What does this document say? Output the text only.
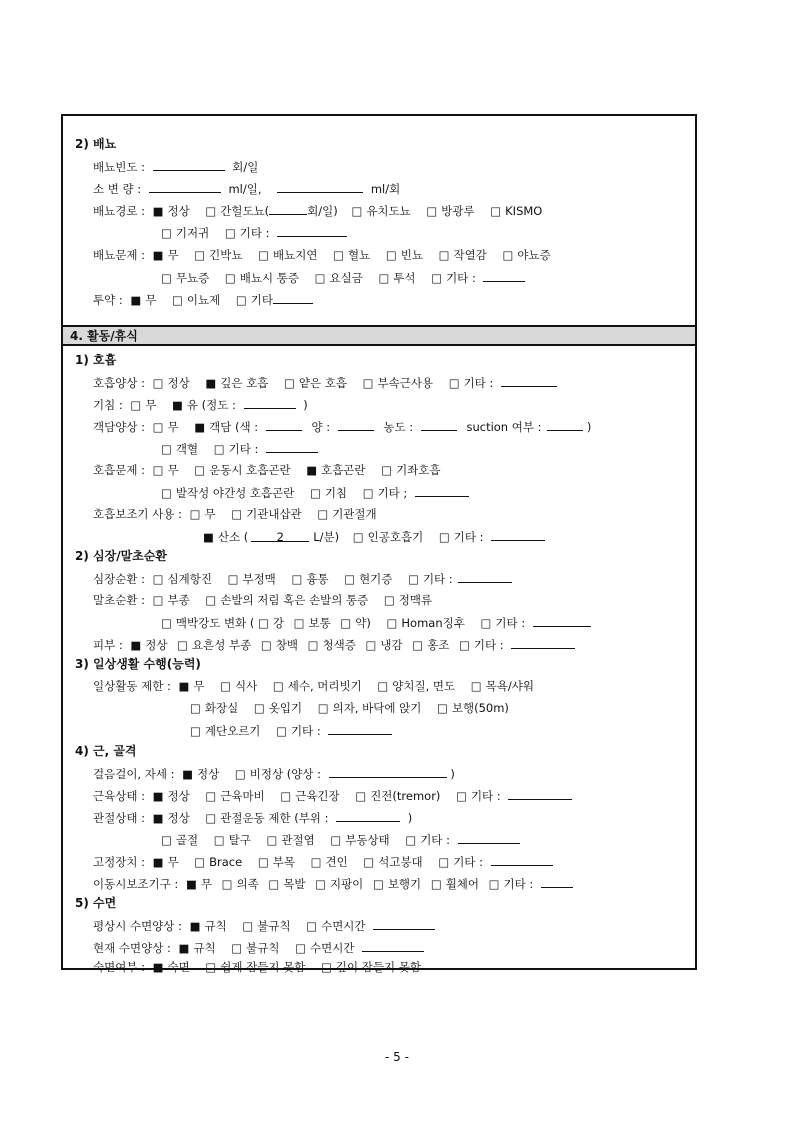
2) 배뇨
배뇨빈도 :	회/일
소 변 량 :	ml/일,	ml/회
배뇨경로 : ■ 정상	□ 간헐도뇨(	회/일) □ 유치도뇨	□ 방광루	□ KISMO
□ 기저귀	□ 기타 :
배뇨문제 : ■ 무	□ 긴박뇨	□ 배뇨지연	□ 혈뇨	□ 빈뇨	□ 작열감	□ 야뇨증
□ 무뇨증	□ 배뇨시 통증	□ 요실금	□ 투석	□ 기타 :
투약 : ■ 무	□ 이뇨제	□ 기타
4. 활동/휴식
1) 호흡
호흡양상 : □ 정상	■ 깊은 호흡	□ 얕은 호흡	□ 부속근사용	□ 기타 :
기침 : □ 무	■ 유 (정도 :	)
객담양상 : □ 무	■ 객담 (색 :	양 :	농도 :	suction 여부 :	)
□ 객혈	□ 기타 :
호흡문제 : □ 무	□ 운동시 호흡곤란	■ 호흡곤란	□ 기좌호흡
□ 발작성 야간성 호흡곤란	□ 기침	□ 기타 ;
호흡보조기 사용 : □ 무	□ 기관내삽관	□ 기관절개
■ 산소 ( 2	L/분) □ 인공호흡기	□ 기타 :
2) 심장/말초순환
심장순환 : □ 심계항진	□ 부정맥	□ 흉통	□ 현기증	□ 기타 :
말초순환 : □ 부종	□ 손발의 저림 혹은 손발의 통증	□ 정맥류
□ 맥박강도 변화 ( □ 강 □ 보통 □ 약)	□ Homan징후	□ 기타 :
피부 : ■ 정상 □ 요흔성 부종 □ 창백 □ 청색증 □ 냉감 □ 홍조 □ 기타 :
3) 일상생활 수행(능력)
일상활동 제한 : ■ 무	□ 식사	□ 세수, 머리빗기	□ 양치질, 면도	□ 목욕/샤워
□ 화장실	□ 옷입기	□ 의자, 바닥에 앉기	□ 보행(50m)
□ 계단오르기	□ 기타 :
4) 근, 골격
걸음걸이, 자세 : ■ 정상	□ 비정상 (양상 :	)
근육상태 : ■ 정상	□ 근육마비	□ 근육긴장	□ 진전(tremor)	□ 기타 :
관절상태 : ■ 정상	□ 관절운동 제한 (부위 :	)
□ 골절	□ 탈구	□ 관절염	□ 부동상태	□ 기타 :
고정장치 : ■ 무	□ Brace	□ 부목	□ 견인	□ 석고붕대	□ 기타 :
이동시보조기구 : ■ 무 □ 의족 □ 목발 □ 지팡이 □ 보행기 □ 휠체어 □ 기타 :
5) 수면
평상시 수면양상 : ■ 규칙	□ 불규칙	□ 수면시간
현재 수면양상 : ■ 규칙	□ 불규칙	□ 수면시간
숙면여부 : ■ 숙면	□ 쉽게 잠들지 못함	□ 깊이 잠들지 못함
- 5 -
